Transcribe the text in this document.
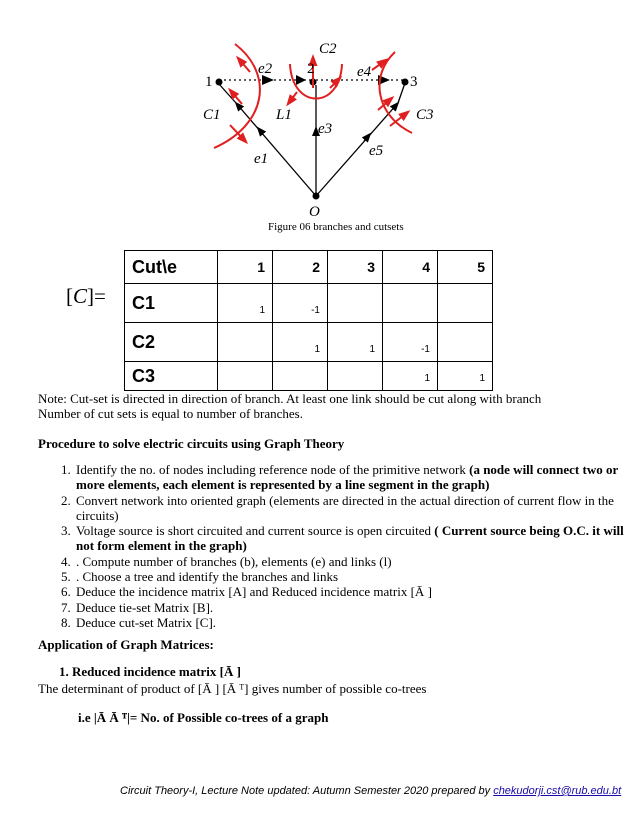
1
2
3
O
e1
e2
e3
e4
e5
C1
C2
C3
L1
Figure 06 branches and cutsets
[C]=
Cut\e	1	2	3	4	5
C1	1	-1			
C2		1	1	-1	
C3				1	1
Note: Cut-set is directed in direction of branch. At least one link should be cut along with branch
Number of cut sets is equal to number of branches.
Procedure to solve electric circuits using Graph Theory
1. Identify the no. of nodes including reference node of the primitive network (a node will connect two or more elements, each element is represented by a line segment in the graph)
2. Convert network into oriented graph (elements are directed in the actual direction of current flow in the circuits)
3. Voltage source is short circuited and current source is open circuited ( Current source being O.C. it will not form element in the graph)
4. . Compute number of branches (b), elements (e) and links (l)
5. . Choose a tree and identify the branches and links
6. Deduce the incidence matrix [A] and Reduced incidence matrix [Ā ]
7. Deduce tie-set Matrix [B].
8. Deduce cut-set Matrix [C].
Application of Graph Matrices:
1. Reduced incidence matrix [Ā ]
The determinant of product of [Ā ] [Ā ᵀ] gives number of possible co-trees
i.e |Ā Ā ᵀ|= No. of Possible co-trees of a graph
Circuit Theory-I, Lecture Note updated: Autumn Semester 2020 prepared by chekudorji.cst@rub.edu.bt
